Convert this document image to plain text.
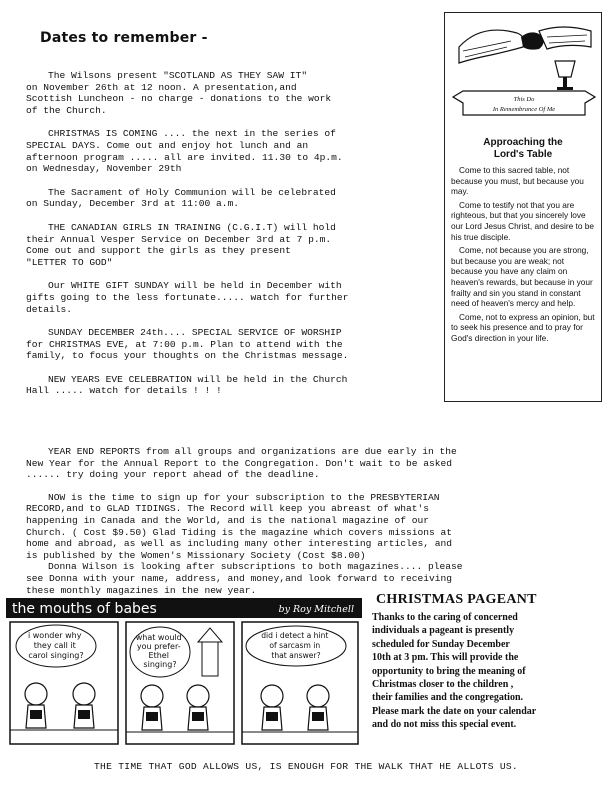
Dates to remember -

The Wilsons present "SCOTLAND AS THEY SAW IT"
on November 26th at 12 noon. A presentation,and
Scottish Luncheon - no charge - donations to the work
of the Church.

CHRISTMAS IS COMING .... the next in the series of
SPECIAL DAYS. Come out and enjoy hot lunch and an
afternoon program ..... all are invited. 11.30 to 4p.m.
on Wednesday, November 29th

The Sacrament of Holy Communion will be celebrated
on Sunday, December 3rd at 11:00 a.m.

THE CANADIAN GIRLS IN TRAINING (C.G.I.T) will hold
their Annual Vesper Service on December 3rd at 7 p.m.
Come out and support the girls as they present
"LETTER TO GOD"

Our WHITE GIFT SUNDAY will be held in December with
gifts going to the less fortunate..... watch for further
details.

SUNDAY DECEMBER 24th.... SPECIAL SERVICE OF WORSHIP
for CHRISTMAS EVE, at 7:00 p.m. Plan to attend with the
family, to focus your thoughts on the Christmas message.

NEW YEARS EVE CELEBRATION will be held in the Church
Hall ..... watch for details ! ! !

This Do
In Remembrance Of Me
Approaching the
Lord's Table

Come to this sacred table, not because you must, but because you may.

Come to testify not that you are righteous, but that you sincerely love our Lord Jesus Christ, and desire to be his true disciple.

Come, not because you are strong, but because you are weak; not because you have any claim on heaven's rewards, but because in your frailty and sin you stand in constant need of heaven's mercy and help.

Come, not to express an opinion, but to seek his presence and to pray for God's direction in your life.

YEAR END REPORTS from all groups and organizations are due early in the
New Year for the Annual Report to the Congregation. Don't wait to be asked
...... try doing your report ahead of the deadline.

NOW is the time to sign up for your subscription to the PRESBYTERIAN
RECORD,and to GLAD TIDINGS. The Record will keep you abreast of what's
happening in Canada and the World, and is the national magazine of our
Church. ( Cost $9.50) Glad Tiding is the magazine which covers missions at
home and abroad, as well as including many other interesting articles, and
is published by the Women's Missionary Society (Cost $8.00)

Donna Wilson is looking after subscriptions to both magazines.... please
see Donna with your name, address, and money,and look forward to receiving
these monthly magazines in the new year.

the mouths of babes	by Roy Mitchell
i wonder why they call it carol singing?
what would you prefer- Ethel singing?
did i detect a hint of sarcasm in that answer?
CHRISTMAS PAGEANT
Thanks to the caring of concerned
individuals a pageant is presently
scheduled for Sunday December
10th at 3 pm. This will provide the
opportunity to bring the meaning of
Christmas closer to the children ,
their families and the congregation.
Please mark the date on your calendar
and do not miss this special event.
THE TIME THAT GOD ALLOWS US, IS ENOUGH FOR THE WALK THAT HE ALLOTS US.
